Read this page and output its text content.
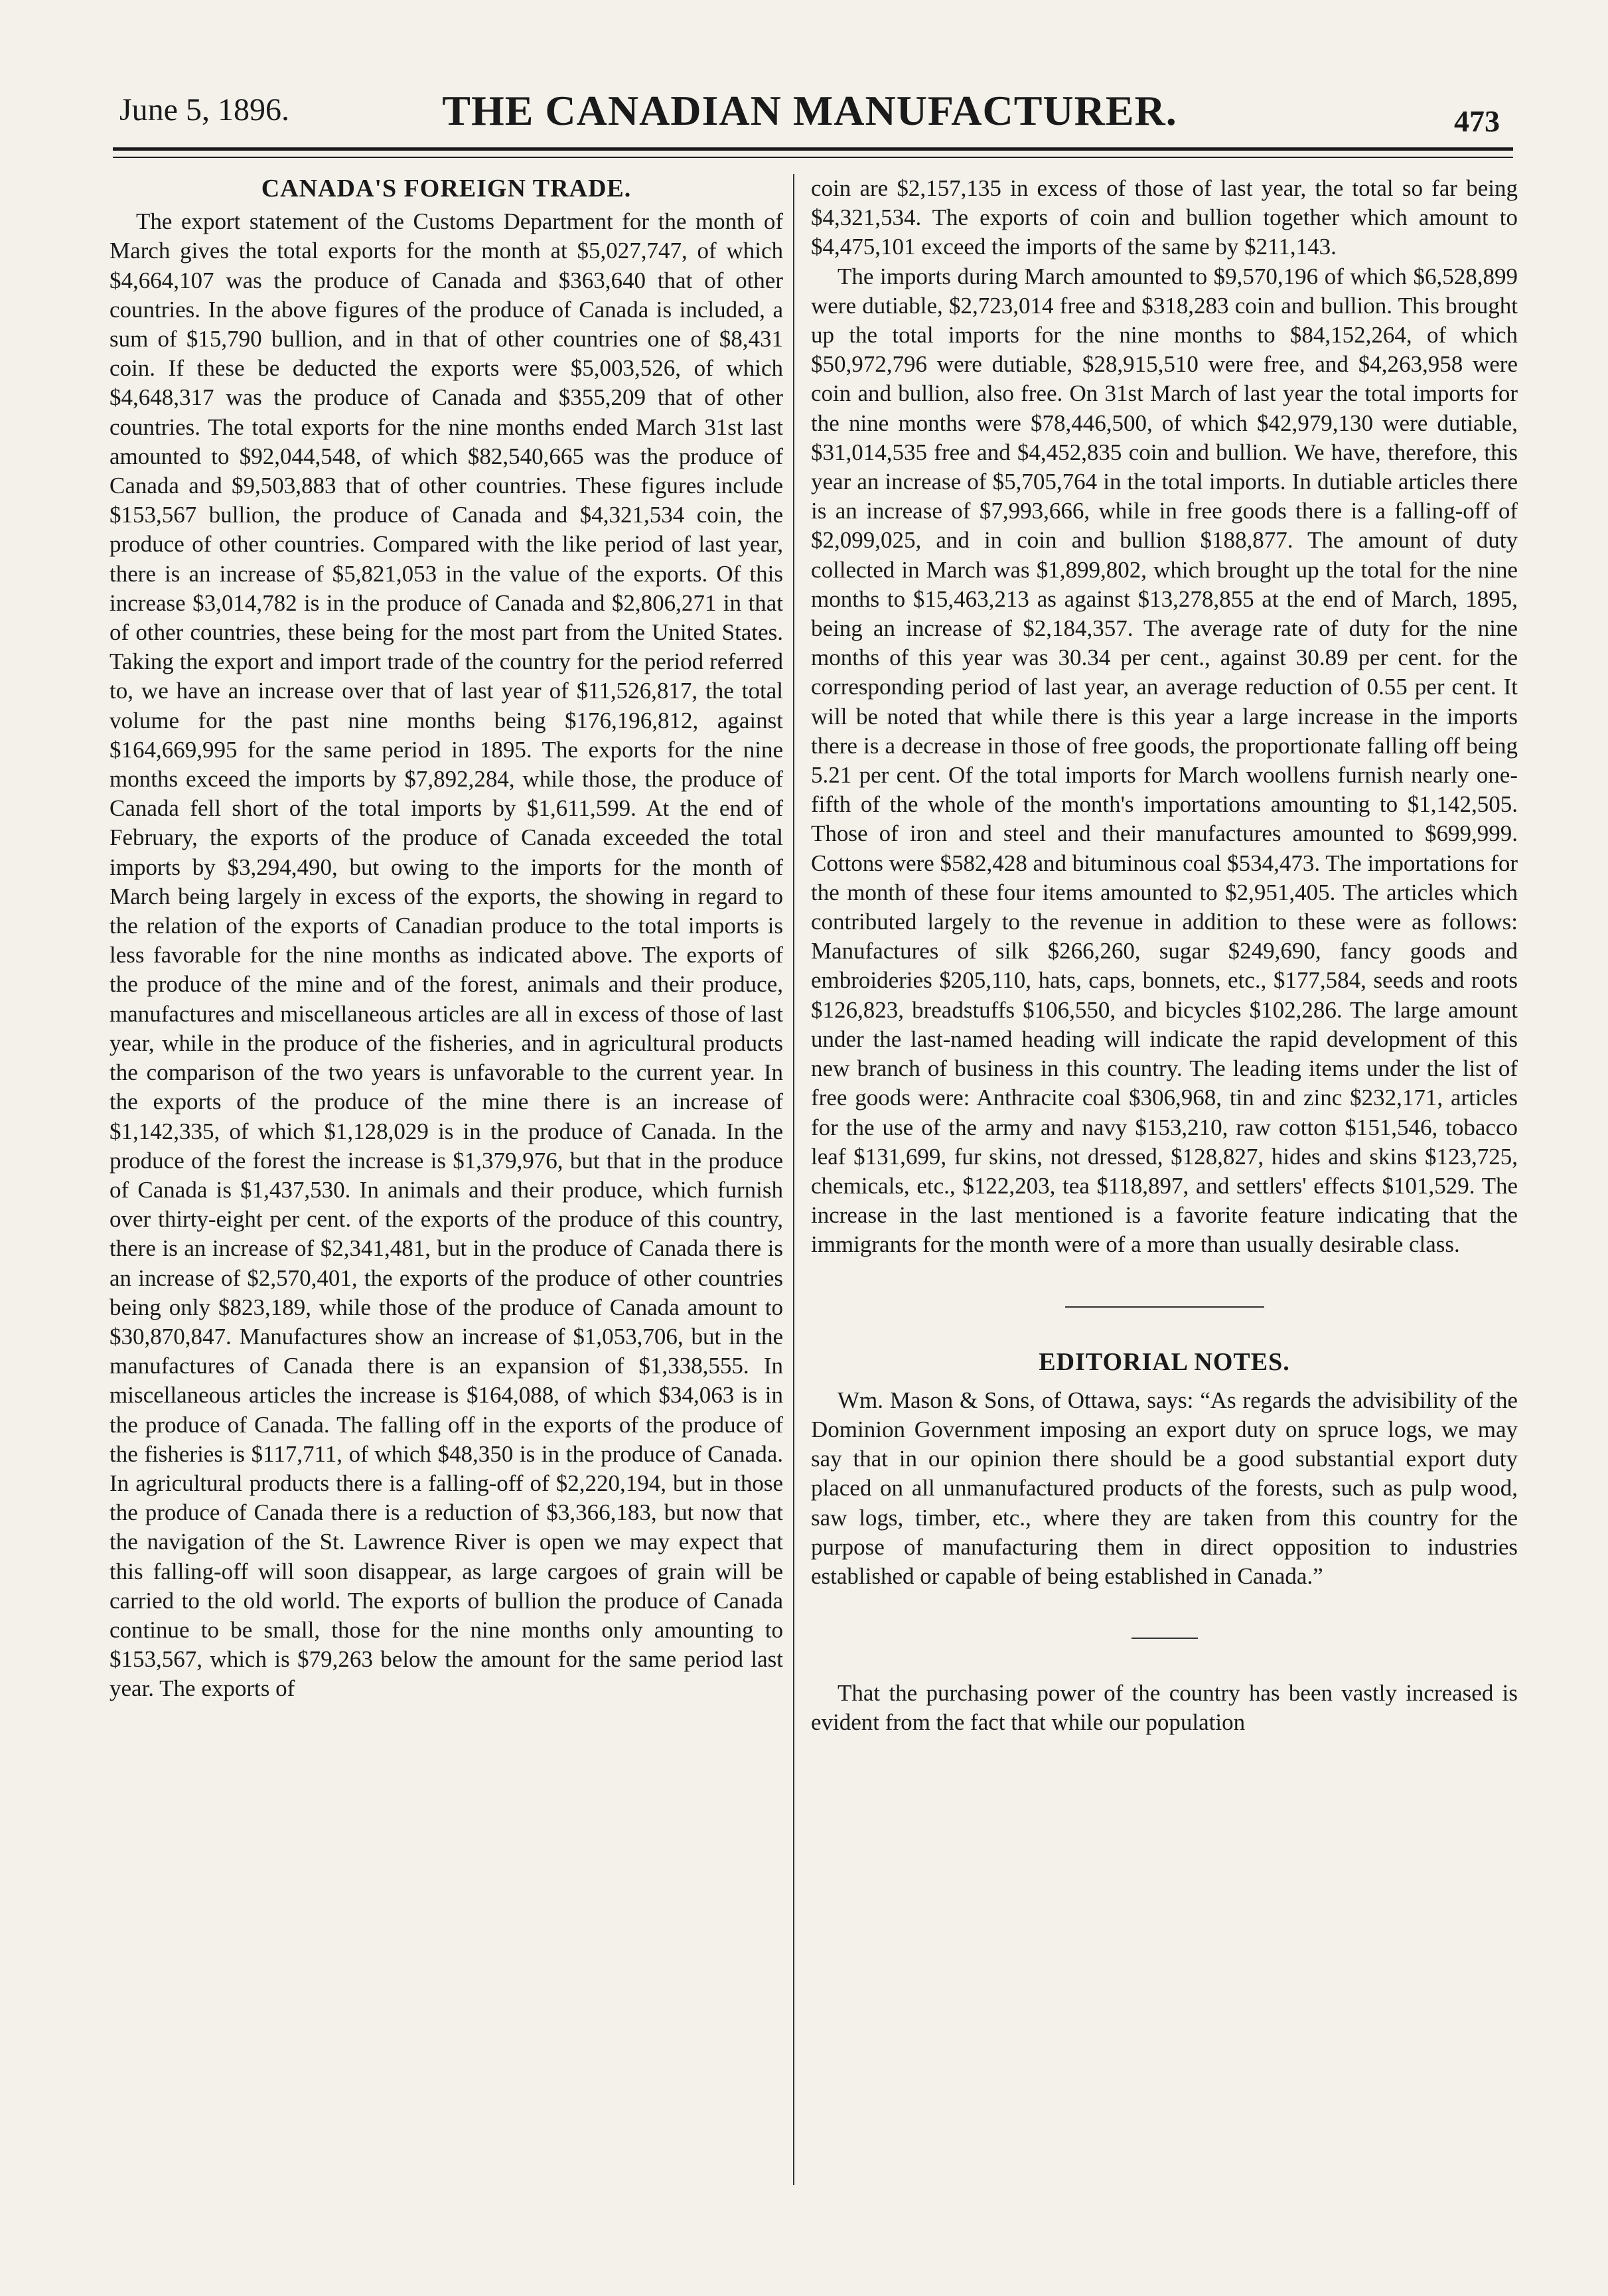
June 5, 1896.	THE CANADIAN MANUFACTURER.	473
CANADA'S FOREIGN TRADE.

The export statement of the Customs Department for the month of March gives the total exports for the month at $5,027,747, of which $4,664,107 was the produce of Canada and $363,640 that of other countries. In the above figures of the produce of Canada is included, a sum of $15,790 bullion, and in that of other countries one of $8,431 coin. If these be deducted the exports were $5,003,526, of which $4,648,317 was the produce of Canada and $355,209 that of other countries. The total exports for the nine months ended March 31st last amounted to $92,044,548, of which $82,540,665 was the produce of Canada and $9,503,883 that of other countries. These figures include $153,567 bullion, the produce of Canada and $4,321,534 coin, the produce of other countries. Compared with the like period of last year, there is an increase of $5,821,053 in the value of the exports. Of this increase $3,014,782 is in the produce of Canada and $2,806,271 in that of other countries, these being for the most part from the United States. Taking the export and import trade of the country for the period referred to, we have an increase over that of last year of $11,526,817, the total volume for the past nine months being $176,196,812, against $164,669,995 for the same period in 1895. The exports for the nine months exceed the imports by $7,892,284, while those, the produce of Canada fell short of the total imports by $1,611,599. At the end of February, the exports of the produce of Canada exceeded the total imports by $3,294,490, but owing to the imports for the month of March being largely in excess of the exports, the showing in regard to the relation of the exports of Canadian produce to the total imports is less favorable for the nine months as indicated above. The exports of the produce of the mine and of the forest, animals and their produce, manufactures and miscellaneous articles are all in excess of those of last year, while in the produce of the fisheries, and in agricultural products the comparison of the two years is unfavorable to the current year. In the exports of the produce of the mine there is an increase of $1,142,335, of which $1,128,029 is in the produce of Canada. In the produce of the forest the increase is $1,379,976, but that in the produce of Canada is $1,437,530. In animals and their produce, which furnish over thirty-eight per cent. of the exports of the produce of this country, there is an increase of $2,341,481, but in the produce of Canada there is an increase of $2,570,401, the exports of the produce of other countries being only $823,189, while those of the produce of Canada amount to $30,870,847. Manufactures show an increase of $1,053,706, but in the manufactures of Canada there is an expansion of $1,338,555. In miscellaneous articles the increase is $164,088, of which $34,063 is in the produce of Canada. The falling off in the exports of the produce of the fisheries is $117,711, of which $48,350 is in the produce of Canada. In agricultural products there is a falling-off of $2,220,194, but in those the produce of Canada there is a reduction of $3,366,183, but now that the navigation of the St. Lawrence River is open we may expect that this falling-off will soon disappear, as large cargoes of grain will be carried to the old world. The exports of bullion the produce of Canada continue to be small, those for the nine months only amounting to $153,567, which is $79,263 below the amount for the same period last year. The exports of

coin are $2,157,135 in excess of those of last year, the total so far being $4,321,534. The exports of coin and bullion together which amount to $4,475,101 exceed the imports of the same by $211,143.

The imports during March amounted to $9,570,196 of which $6,528,899 were dutiable, $2,723,014 free and $318,283 coin and bullion. This brought up the total imports for the nine months to $84,152,264, of which $50,972,796 were dutiable, $28,915,510 were free, and $4,263,958 were coin and bullion, also free. On 31st March of last year the total imports for the nine months were $78,446,500, of which $42,979,130 were dutiable, $31,014,535 free and $4,452,835 coin and bullion. We have, therefore, this year an increase of $5,705,764 in the total imports. In dutiable articles there is an increase of $7,993,666, while in free goods there is a falling-off of $2,099,025, and in coin and bullion $188,877. The amount of duty collected in March was $1,899,802, which brought up the total for the nine months to $15,463,213 as against $13,278,855 at the end of March, 1895, being an increase of $2,184,357. The average rate of duty for the nine months of this year was 30.34 per cent., against 30.89 per cent. for the corresponding period of last year, an average reduction of 0.55 per cent. It will be noted that while there is this year a large increase in the imports there is a decrease in those of free goods, the proportionate falling off being 5.21 per cent. Of the total imports for March woollens furnish nearly one-fifth of the whole of the month's importations amounting to $1,142,505. Those of iron and steel and their manufactures amounted to $699,999. Cottons were $582,428 and bituminous coal $534,473. The importations for the month of these four items amounted to $2,951,405. The articles which contributed largely to the revenue in addition to these were as follows: Manufactures of silk $266,260, sugar $249,690, fancy goods and embroideries $205,110, hats, caps, bonnets, etc., $177,584, seeds and roots $126,823, breadstuffs $106,550, and bicycles $102,286. The large amount under the last-named heading will indicate the rapid development of this new branch of business in this country. The leading items under the list of free goods were: Anthracite coal $306,968, tin and zinc $232,171, articles for the use of the army and navy $153,210, raw cotton $151,546, tobacco leaf $131,699, fur skins, not dressed, $128,827, hides and skins $123,725, chemicals, etc., $122,203, tea $118,897, and settlers' effects $101,529. The increase in the last mentioned is a favorite feature indicating that the immigrants for the month were of a more than usually desirable class.

EDITORIAL NOTES.

Wm. Mason & Sons, of Ottawa, says: “As regards the advisibility of the Dominion Government imposing an export duty on spruce logs, we may say that in our opinion there should be a good substantial export duty placed on all unmanufactured products of the forests, such as pulp wood, saw logs, timber, etc., where they are taken from this country for the purpose of manufacturing them in direct opposition to industries established or capable of being established in Canada.”

That the purchasing power of the country has been vastly increased is evident from the fact that while our population
